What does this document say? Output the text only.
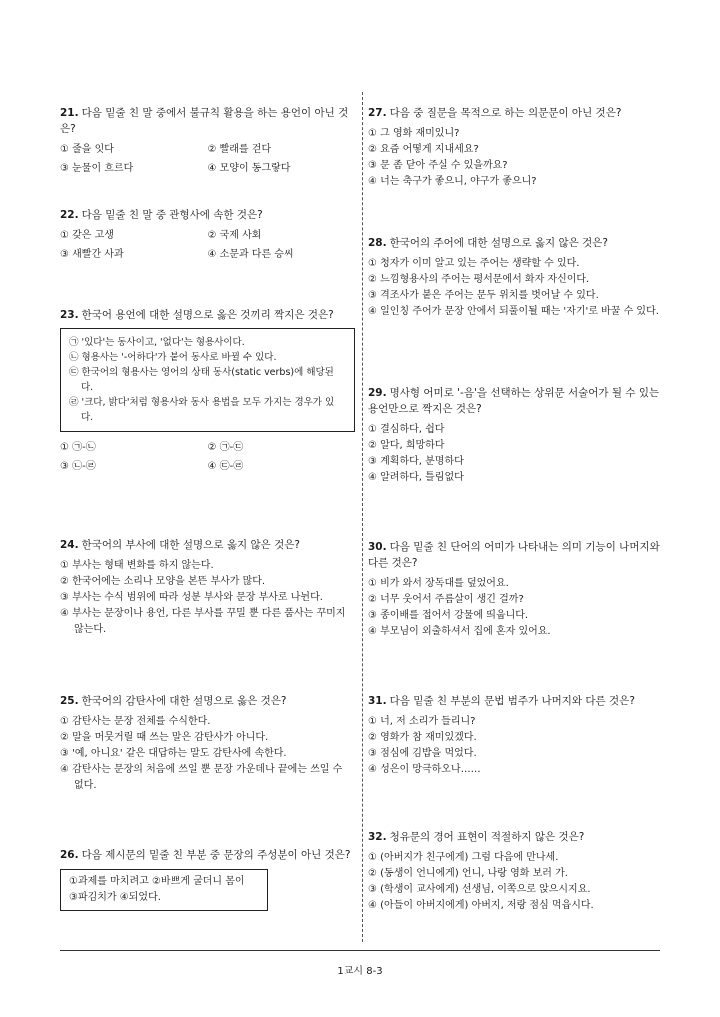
21. 다음 밑줄 친 말 중에서 불규칙 활용을 하는 용언이 아닌 것은?

① 줄을 잇다	② 빨래를 걷다
③ 눈물이 흐르다	④ 모양이 동그랗다

22. 다음 밑줄 친 말 중 관형사에 속한 것은?

① 갖은 고생	② 국제 사회
③ 새빨간 사과	④ 소문과 다른 승씨

23. 한국어 용언에 대한 설명으로 옳은 것끼리 짝지은 것은?

㉠ '있다'는 동사이고, '없다'는 형용사이다.
㉡ 형용사는 '-어하다'가 붙어 동사로 바뀔 수 있다.
㉢ 한국어의 형용사는 영어의 상태 동사(static verbs)에 해당된다.
㉣ '크다, 밝다'처럼 형용사와 동사 용법을 모두 가지는 경우가 있다.
① ㉠-㉡	② ㉠-㉢
③ ㉡-㉣	④ ㉢-㉣

24. 한국어의 부사에 대한 설명으로 옳지 않은 것은?

① 부사는 형태 변화를 하지 않는다.
② 한국어에는 소리나 모양을 본뜬 부사가 많다.
③ 부사는 수식 범위에 따라 성분 부사와 문장 부사로 나뉜다.
④ 부사는 문장이나 용언, 다른 부사를 꾸밀 뿐 다른 품사는 꾸미지 않는다.

25. 한국어의 감탄사에 대한 설명으로 옳은 것은?

① 감탄사는 문장 전체를 수식한다.
② 말을 머뭇거릴 때 쓰는 말은 감탄사가 아니다.
③ '예, 아니요' 같은 대답하는 말도 감탄사에 속한다.
④ 감탄사는 문장의 처음에 쓰일 뿐 문장 가운데나 끝에는 쓰일 수 없다.

26. 다음 제시문의 밑줄 친 부분 중 문장의 주성분이 아닌 것은?

①과제를 마치려고 ②바쁘게 굴더니 몸이
③파김치가 ④되었다.

27. 다음 중 질문을 목적으로 하는 의문문이 아닌 것은?

① 그 영화 재미있니?
② 요즘 어떻게 지내세요?
③ 문 좀 닫아 주실 수 있을까요?
④ 너는 축구가 좋으니, 야구가 좋으니?

28. 한국어의 주어에 대한 설명으로 옳지 않은 것은?

① 청자가 이미 알고 있는 주어는 생략할 수 있다.
② 느낌형용사의 주어는 평서문에서 화자 자신이다.
③ 격조사가 붙은 주어는 문두 위치를 벗어날 수 있다.
④ 일인칭 주어가 문장 안에서 되풀이될 때는 '자기'로 바꿀 수 있다.

29. 명사형 어미로 '-음'을 선택하는 상위문 서술어가 될 수 있는 용언만으로 짝지은 것은?

① 결심하다, 쉽다
② 알다, 희망하다
③ 계획하다, 분명하다
④ 알려하다, 틀림없다

30. 다음 밑줄 친 단어의 어미가 나타내는 의미 기능이 나머지와 다른 것은?

① 비가 와서 장독대를 덮었어요.
② 너무 웃어서 주름살이 생긴 걸까?
③ 종이배를 접어서 강물에 띄웁니다.
④ 부모님이 외출하셔서 집에 혼자 있어요.

31. 다음 밑줄 친 부분의 문법 범주가 나머지와 다른 것은?

① 너, 저 소리가 들리니?
② 영화가 참 재미있겠다.
③ 점심에 김밥을 먹었다.
④ 성은이 망극하오나……

32. 청유문의 경어 표현이 적절하지 않은 것은?

① (아버지가 친구에게) 그럼 다음에 만나세.
② (동생이 언니에게) 언니, 나랑 영화 보러 가.
③ (학생이 교사에게) 선생님, 이쪽으로 앉으시지요.
④ (아들이 아버지에게) 아버지, 저랑 점심 먹읍시다.
1교시 8-3
